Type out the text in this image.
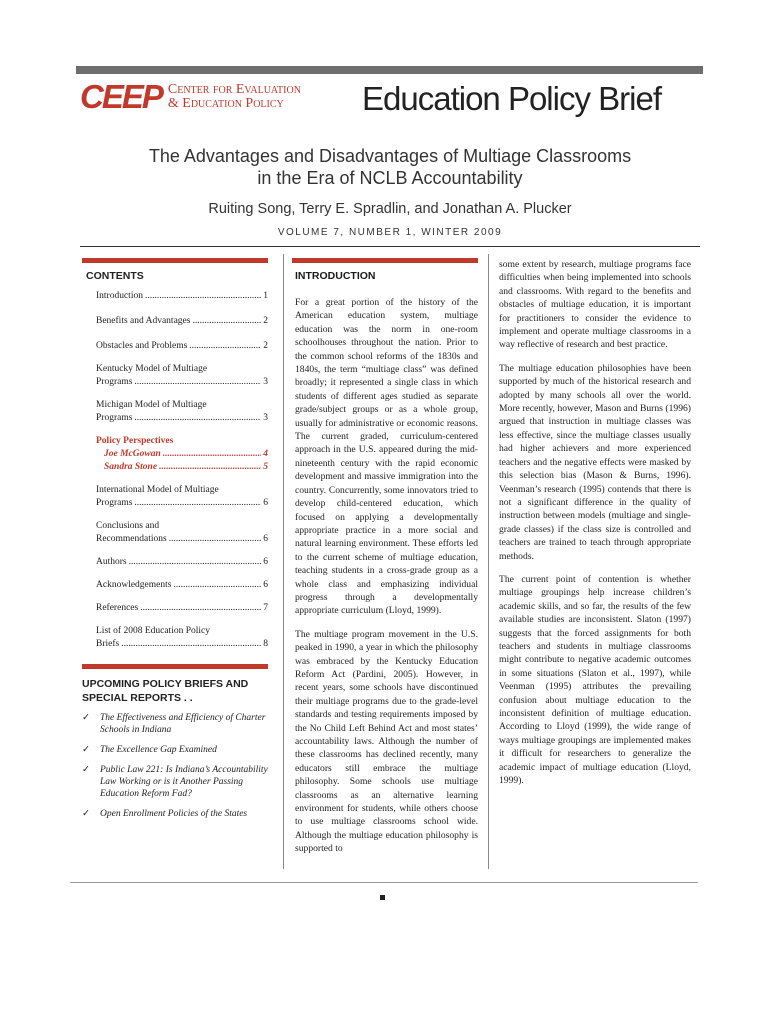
CEEP Center for Evaluation
& Education Policy	Education Policy Brief
The Advantages and Disadvantages of Multiage Classrooms
in the Era of NCLB Accountability
Ruiting Song, Terry E. Spradlin, and Jonathan A. Plucker
VOLUME 7, NUMBER 1, WINTER 2009
CONTENTS
Introduction .....	1
Benefits and Advantages .....	2
Obstacles and Problems .....	2
Kentucky Model of Multiage
Programs .....	3
Michigan Model of Multiage
Programs .....	3
Policy Perspectives
Joe McGowan .....	4
Sandra Stone .....	5
International Model of Multiage
Programs .....	6
Conclusions and
Recommendations .....	6
Authors .....	6
Acknowledgements .....	6
References .....	7
List of 2008 Education Policy
Briefs .....	8
UPCOMING POLICY BRIEFS AND SPECIAL REPORTS . .
✓	The Effectiveness and Efficiency of Charter Schools in Indiana
✓	The Excellence Gap Examined
✓	Public Law 221: Is Indiana’s Accountability Law Working or is it Another Passing Education Reform Fad?
✓	Open Enrollment Policies of the States
INTRODUCTION

For a great portion of the history of the American education system, multiage education was the norm in one-room schoolhouses throughout the nation. Prior to the common school reforms of the 1830s and 1840s, the term “multiage class” was defined broadly; it represented a single class in which students of different ages studied as separate grade/subject groups or as a whole group, usually for administrative or economic reasons. The current graded, curriculum-centered approach in the U.S. appeared during the mid-nineteenth century with the rapid economic development and massive immigration into the country. Concurrently, some innovators tried to develop child-centered education, which focused on applying a developmentally appropriate practice in a more social and natural learning environment. These efforts led to the current scheme of multiage education, teaching students in a cross-grade group as a whole class and emphasizing individual progress through a developmentally appropriate curriculum (Lloyd, 1999).

The multiage program movement in the U.S. peaked in 1990, a year in which the philosophy was embraced by the Kentucky Education Reform Act (Pardini, 2005). However, in recent years, some schools have discontinued their multiage programs due to the grade-level standards and testing requirements imposed by the No Child Left Behind Act and most states’ accountability laws. Although the number of these classrooms has declined recently, many educators still embrace the multiage philosophy. Some schools use multiage classrooms as an alternative learning environment for students, while others choose to use multiage classrooms school wide. Although the multiage education philosophy is supported to

some extent by research, multiage programs face difficulties when being implemented into schools and classrooms. With regard to the benefits and obstacles of multiage education, it is important for practitioners to consider the evidence to implement and operate multiage classrooms in a way reflective of research and best practice.

The multiage education philosophies have been supported by much of the historical research and adopted by many schools all over the world. More recently, however, Mason and Burns (1996) argued that instruction in multiage classes was less effective, since the multiage classes usually had higher achievers and more experienced teachers and the negative effects were masked by this selection bias (Mason & Burns, 1996). Veenman’s research (1995) contends that there is not a significant difference in the quality of instruction between models (multiage and single-grade classes) if the class size is controlled and teachers are trained to teach through appropriate methods.

The current point of contention is whether multiage groupings help increase children’s academic skills, and so far, the results of the few available studies are inconsistent. Slaton (1997) suggests that the forced assignments for both teachers and students in multiage classrooms might contribute to negative academic outcomes in some situations (Slaton et al., 1997), while Veenman (1995) attributes the prevailing confusion about multiage education to the inconsistent definition of multiage education. According to Lloyd (1999), the wide range of ways multiage groupings are implemented makes it difficult for researchers to generalize the academic impact of multiage education (Lloyd, 1999).
